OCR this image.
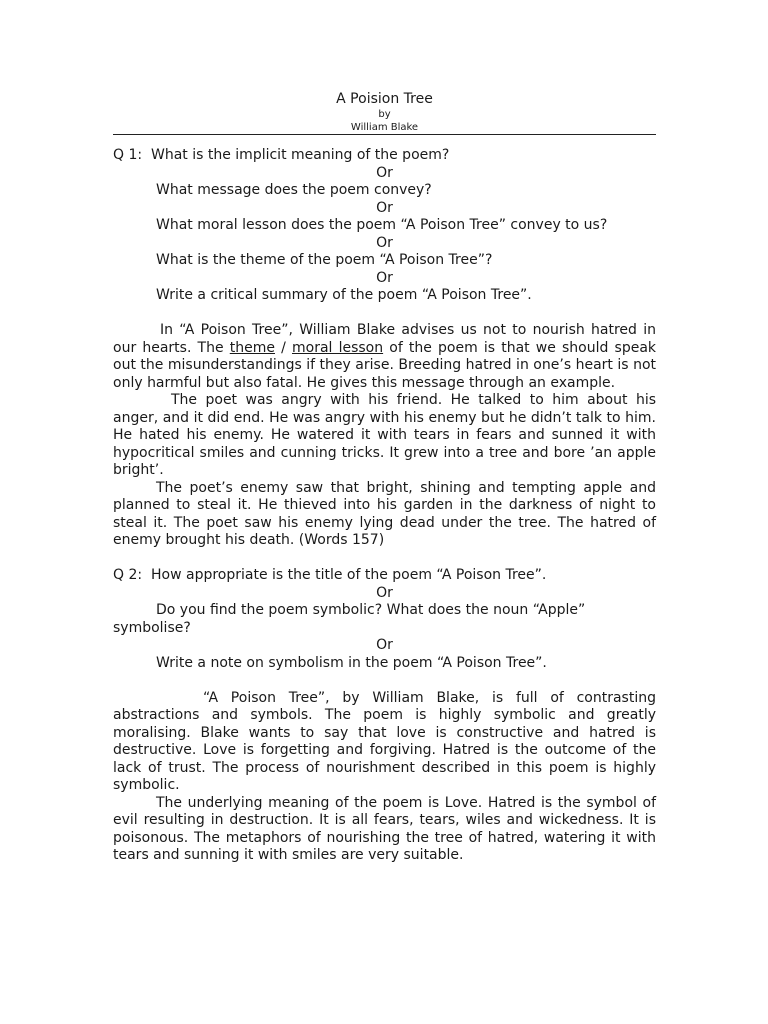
A Poision Tree
by
William Blake
Q 1: What is the implicit meaning of the poem?
Or
What message does the poem convey?
Or
What moral lesson does the poem “A Poison Tree” convey to us?
Or
What is the theme of the poem “A Poison Tree”?
Or
Write a critical summary of the poem “A Poison Tree”.
In “A Poison Tree”, William Blake advises us not to nourish hatred in our hearts. The theme / moral lesson of the poem is that we should speak out the misunderstandings if they arise. Breeding hatred in one’s heart is not only harmful but also fatal. He gives this message through an example.
The poet was angry with his friend. He talked to him about his anger, and it did end. He was angry with his enemy but he didn’t talk to him. He hated his enemy. He watered it with tears in fears and sunned it with hypocritical smiles and cunning tricks. It grew into a tree and bore ’an apple bright’.
The poet’s enemy saw that bright, shining and tempting apple and planned to steal it. He thieved into his garden in the darkness of night to steal it. The poet saw his enemy lying dead under the tree. The hatred of enemy brought his death. (Words 157)
Q 2: How appropriate is the title of the poem “A Poison Tree”.
Or
Do you find the poem symbolic? What does the noun “Apple”
symbolise?
Or
Write a note on symbolism in the poem “A Poison Tree”.
“A Poison Tree”, by William Blake, is full of contrasting abstractions and symbols. The poem is highly symbolic and greatly moralising. Blake wants to say that love is constructive and hatred is destructive. Love is forgetting and forgiving. Hatred is the outcome of the lack of trust. The process of nourishment described in this poem is highly symbolic.
The underlying meaning of the poem is Love. Hatred is the symbol of evil resulting in destruction. It is all fears, tears, wiles and wickedness. It is poisonous. The metaphors of nourishing the tree of hatred, watering it with tears and sunning it with smiles are very suitable.
